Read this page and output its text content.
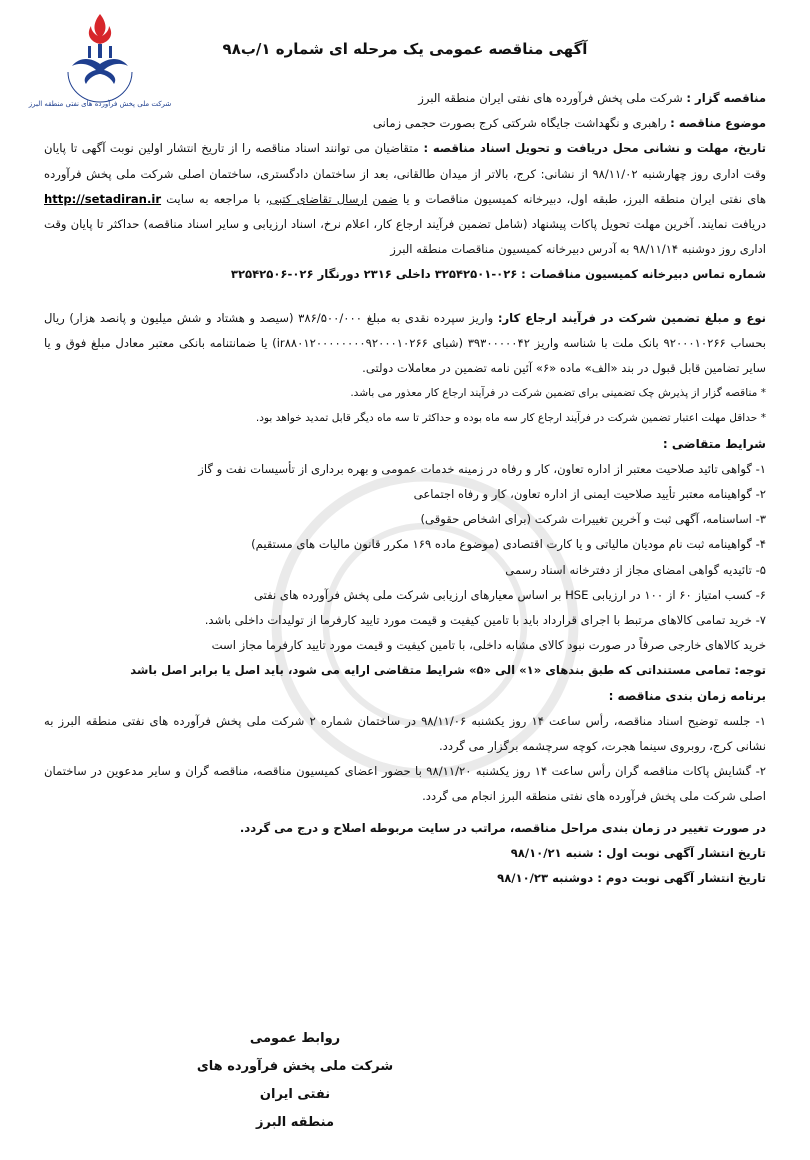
شرکت ملی پخش فرآورده های نفتی منطقه البرز
آگهی مناقصه عمومی یک مرحله ای شماره ۱/ب۹۸

مناقصه گزار : شرکت ملی پخش فرآورده های نفتی ایران منطقه البرز

موضوع مناقصه : راهبری و نگهداشت جایگاه شرکتی کرج بصورت حجمی زمانی

تاریخ، مهلت و نشانی محل دریافت و تحویل اسناد مناقصه : متقاضیان می توانند اسناد مناقصه را از تاریخ انتشار اولین نوبت آگهی تا پایان وقت اداری روز چهارشنبه ۹۸/۱۱/۰۲ از نشانی: کرج، بالاتر از میدان طالقانی، بعد از ساختمان دادگستری، ساختمان اصلی شرکت ملی پخش فرآورده های نفتی ایران منطقه البرز، طبقه اول، دبیرخانه کمیسیون مناقصات و یا ضمن ارسال تقاضای کتبی، با مراجعه به سایت http://setadiran.ir دریافت نمایند. آخرین مهلت تحویل پاکات پیشنهاد (شامل تضمین فرآیند ارجاع کار، اعلام نرخ، اسناد ارزیابی و سایر اسناد مناقصه) حداکثر تا پایان وقت اداری روز دوشنبه ۹۸/۱۱/۱۴ به آدرس دبیرخانه کمیسیون مناقصات منطقه البرز

شماره تماس دبیرخانه کمیسیون مناقصات : ۰۲۶-۳۲۵۴۲۵۰۱ داخلی ۲۳۱۶ دورنگار ۰۲۶-۳۲۵۴۲۵۰۶

نوع و مبلغ تضمین شرکت در فرآیند ارجاع کار: واریز سپرده نقدی به مبلغ ۳۸۶/۵۰۰/۰۰۰ (سیصد و هشتاد و شش میلیون و پانصد هزار) ریال بحساب ۹۲۰۰۰۱۰۲۶۶ بانک ملت با شناسه واریز ۳۹۳۰۰۰۰۰۴۲ (شبای ir۸۸۰۱۲۰۰۰۰۰۰۰۰۹۲۰۰۰۱۰۲۶۶) یا ضمانتنامه بانکی معتبر معادل مبلغ فوق و یا سایر تضامین قابل قبول در بند «الف» ماده «۶» آئین نامه تضمین در معاملات دولتی.

* مناقصه گزار از پذیرش چک تضمینی برای تضمین شرکت در فرآیند ارجاع کار معذور می باشد.

* حداقل مهلت اعتبار تضمین شرکت در فرآیند ارجاع کار سه ماه بوده و حداکثر تا سه ماه دیگر قابل تمدید خواهد بود.

شرایط متقاضی :

۱- گواهی تائید صلاحیت معتبر از اداره تعاون، کار و رفاه در زمینه خدمات عمومی و بهره برداری از تأسیسات نفت و گاز

۲- گواهینامه معتبر تأیید صلاحیت ایمنی از اداره تعاون، کار و رفاه اجتماعی

۳- اساسنامه، آگهی ثبت و آخرین تغییرات شرکت (برای اشخاص حقوقی)

۴- گواهینامه ثبت نام مودیان مالیاتی و یا کارت اقتصادی (موضوع ماده ۱۶۹ مکرر قانون مالیات های مستقیم)

۵- تائیدیه گواهی امضای مجاز از دفترخانه اسناد رسمی

۶- کسب امتیاز ۶۰ از ۱۰۰ در ارزیابی HSE بر اساس معیارهای ارزیابی شرکت ملی پخش فرآورده های نفتی

۷- خرید تمامی کالاهای مرتبط با اجرای قرارداد باید با تامین کیفیت و قیمت مورد تایید کارفرما از تولیدات داخلی باشد.

خرید کالاهای خارجی صرفاً در صورت نبود کالای مشابه داخلی، با تامین کیفیت و قیمت مورد تایید کارفرما مجاز است

توجه: تمامی مستنداتی که طبق بندهای «۱» الی «۵» شرایط متقاضی ارایه می شود، باید اصل یا برابر اصل باشد

برنامه زمان بندی مناقصه :

۱- جلسه توضیح اسناد مناقصه، رأس ساعت ۱۴ روز یکشنبه ۹۸/۱۱/۰۶ در ساختمان شماره ۲ شرکت ملی پخش فرآورده های نفتی منطقه البرز به نشانی کرج، روبروی سینما هجرت، کوچه سرچشمه برگزار می گردد.

۲- گشایش پاکات مناقصه گران رأس ساعت ۱۴ روز یکشنبه ۹۸/۱۱/۲۰ با حضور اعضای کمیسیون مناقصه، مناقصه گران و سایر مدعوین در ساختمان اصلی شرکت ملی پخش فرآورده های نفتی منطقه البرز انجام می گردد.

در صورت تغییر در زمان بندی مراحل مناقصه، مراتب در سایت مربوطه اصلاح و درج می گردد.

تاریخ انتشار آگهی نوبت اول : شنبه ۹۸/۱۰/۲۱

تاریخ انتشار آگهی نوبت دوم : دوشنبه ۹۸/۱۰/۲۳

روابط عمومی
شرکت ملی پخش فرآورده های نفتی ایران
منطقه البرز
